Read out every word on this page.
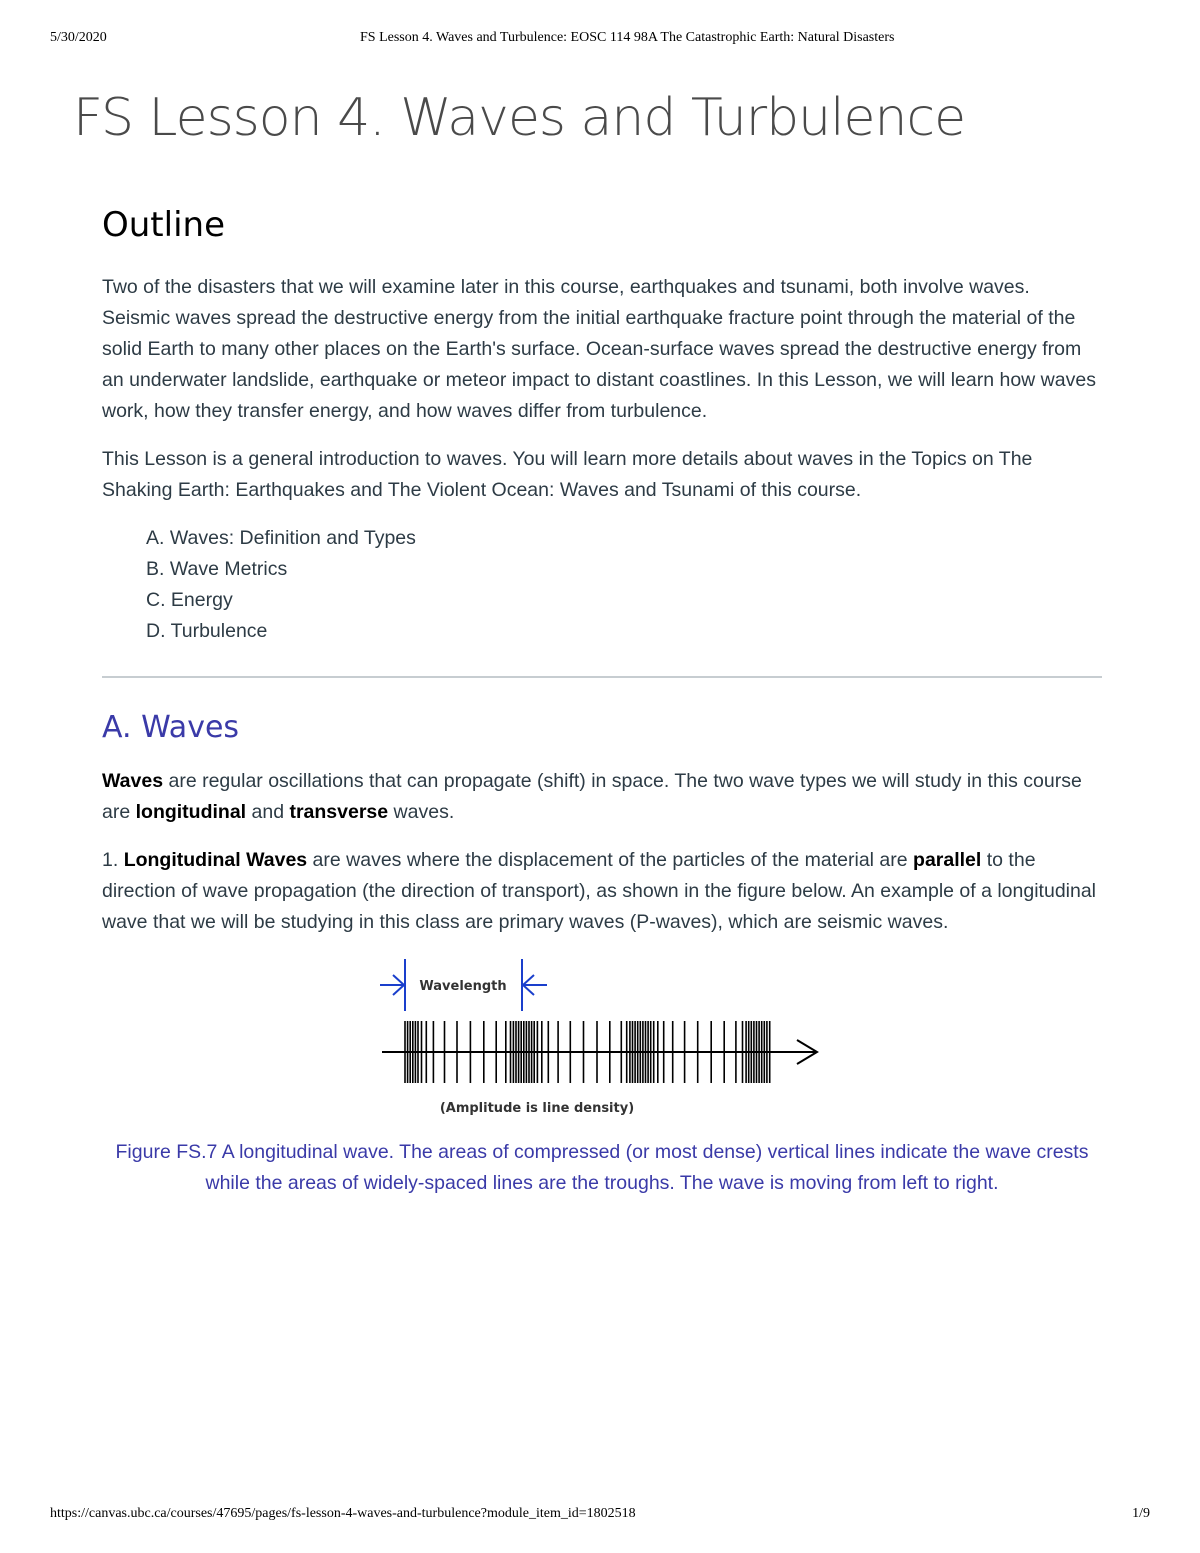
5/30/2020	FS Lesson 4. Waves and Turbulence: EOSC 114 98A The Catastrophic Earth: Natural Disasters
FS Lesson 4. Waves and Turbulence
Outline

Two of the disasters that we will examine later in this course, earthquakes and tsunami, both involve waves. Seismic waves spread the destructive energy from the initial earthquake fracture point through the material of the solid Earth to many other places on the Earth's surface. Ocean-surface waves spread the destructive energy from an underwater landslide, earthquake or meteor impact to distant coastlines. In this Lesson, we will learn how waves work, how they transfer energy, and how waves differ from turbulence.

This Lesson is a general introduction to waves. You will learn more details about waves in the Topics on The Shaking Earth: Earthquakes and The Violent Ocean: Waves and Tsunami of this course.

A. Waves: Definition and Types
B. Wave Metrics
C. Energy
D. Turbulence
A. Waves

Waves are regular oscillations that can propagate (shift) in space. The two wave types we will study in this course are longitudinal and transverse waves.

1. Longitudinal Waves are waves where the displacement of the particles of the material are parallel to the direction of wave propagation (the direction of transport), as shown in the figure below. An example of a longitudinal wave that we will be studying in this class are primary waves (P-waves), which are seismic waves.

Wavelength
(Amplitude is line density)

Figure FS.7 A longitudinal wave. The areas of compressed (or most dense) vertical lines indicate the wave crests while the areas of widely-spaced lines are the troughs. The wave is moving from left to right.

https://canvas.ubc.ca/courses/47695/pages/fs-lesson-4-waves-and-turbulence?module_item_id=1802518	1/9
